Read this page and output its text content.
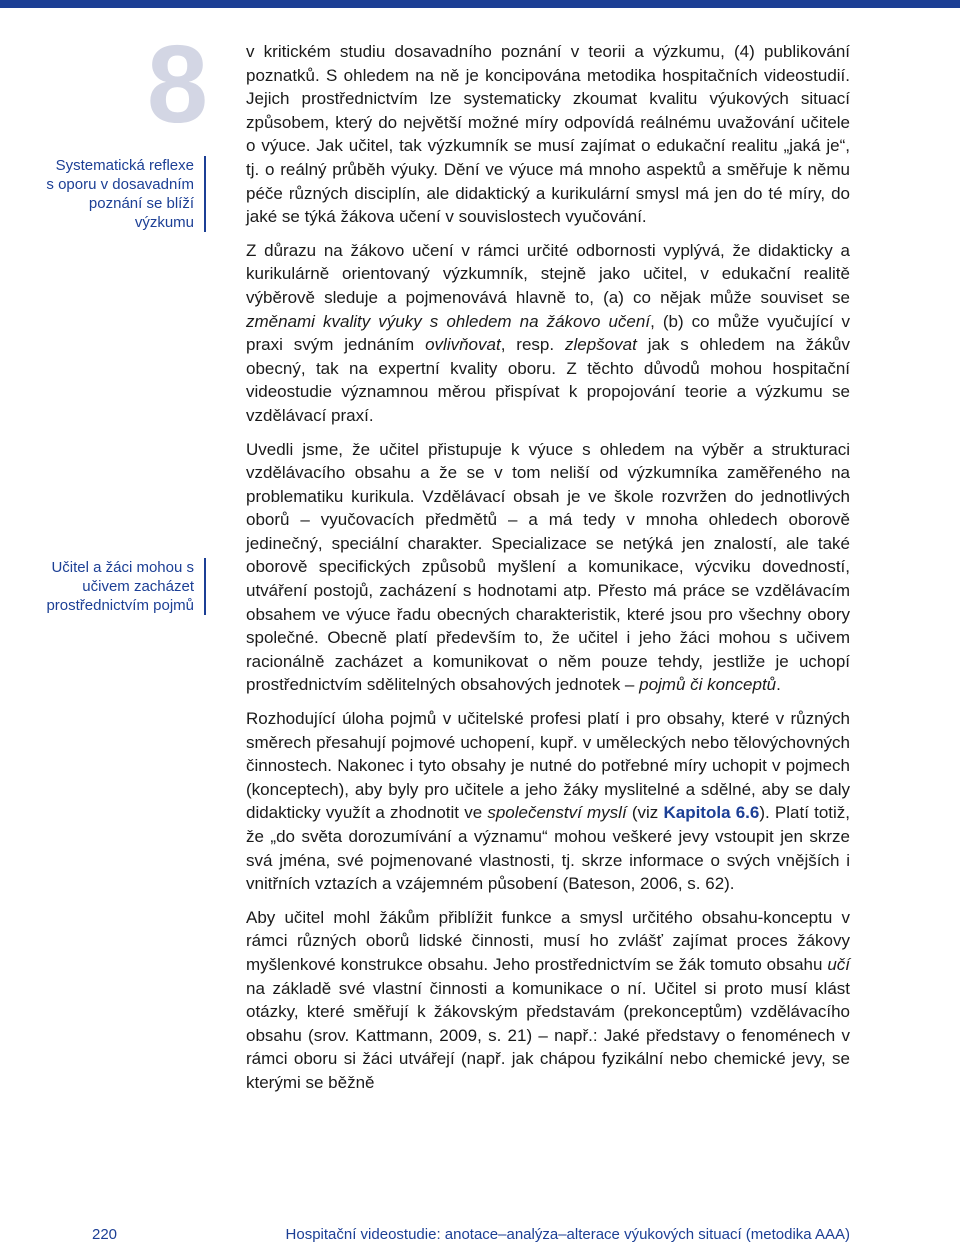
8
Systematická reflexe s oporu v dosavadním poznání se blíží výzkumu
Učitel a žáci mohou s učivem zacházet prostřednictvím pojmů

v kritickém studiu dosavadního poznání v teorii a výzkumu, (4) publikování poznatků. S ohledem na ně je koncipována metodika hospitačních videostudií. Jejich prostřednictvím lze systematicky zkoumat kvalitu výukových situací způsobem, který do největší možné míry odpovídá reálnému uvažování učitele o výuce. Jak učitel, tak výzkumník se musí zajímat o edukační realitu „jaká je“, tj. o reálný průběh výuky. Dění ve výuce má mnoho aspektů a směřuje k němu péče různých disciplín, ale didaktický a kurikulární smysl má jen do té míry, do jaké se týká žákova učení v souvislostech vyučování.

Z důrazu na žákovo učení v rámci určité odbornosti vyplývá, že didakticky a kurikulárně orientovaný výzkumník, stejně jako učitel, v edukační realitě výběrově sleduje a pojmenovává hlavně to, (a) co nějak může souviset se změnami kvality výuky s ohledem na žákovo učení, (b) co může vyučující v praxi svým jednáním ovlivňovat, resp. zlepšovat jak s ohledem na žákův obecný, tak na expertní kvality oboru. Z těchto důvodů mohou hospitační videostudie významnou měrou přispívat k propojování teorie a výzkumu se vzdělávací praxí.

Uvedli jsme, že učitel přistupuje k výuce s ohledem na výběr a strukturaci vzdělávacího obsahu a že se v tom neliší od výzkumníka zaměřeného na problematiku kurikula. Vzdělávací obsah je ve škole rozvržen do jednotlivých oborů – vyučovacích předmětů – a má tedy v mnoha ohledech oborově jedinečný, speciální charakter. Specializace se netýká jen znalostí, ale také oborově specifických způsobů myšlení a komunikace, výcviku dovedností, utváření postojů, zacházení s hodnotami atp. Přesto má práce se vzdělávacím obsahem ve výuce řadu obecných charakteristik, které jsou pro všechny obory společné. Obecně platí především to, že učitel i jeho žáci mohou s učivem racionálně zacházet a komunikovat o něm pouze tehdy, jestliže je uchopí prostřednictvím sdělitelných obsahových jednotek – pojmů či konceptů.

Rozhodující úloha pojmů v učitelské profesi platí i pro obsahy, které v různých směrech přesahují pojmové uchopení, kupř. v uměleckých nebo tělovýchovných činnostech. Nakonec i tyto obsahy je nutné do potřebné míry uchopit v pojmech (konceptech), aby byly pro učitele a jeho žáky myslitelné a sdělné, aby se daly didakticky využít a zhodnotit ve společenství myslí (viz Kapitola 6.6). Platí totiž, že „do světa dorozumívání a významu“ mohou veškeré jevy vstoupit jen skrze svá jména, své pojmenované vlastnosti, tj. skrze informace o svých vnějších i vnitřních vztazích a vzájemném působení (Bateson, 2006, s. 62).

Aby učitel mohl žákům přiblížit funkce a smysl určitého obsahu-konceptu v rámci různých oborů lidské činnosti, musí ho zvlášť zajímat proces žákovy myšlenkové konstrukce obsahu. Jeho prostřednictvím se žák tomuto obsahu učí na základě své vlastní činnosti a komunikace o ní. Učitel si proto musí klást otázky, které směřují k žákovským představám (prekonceptům) vzdělávacího obsahu (srov. Kattmann, 2009, s. 21) – např.: Jaké představy o fenoménech v rámci oboru si žáci utvářejí (např. jak chápou fyzikální nebo chemické jevy, se kterými se běžně

220	Hospitační videostudie: anotace–analýza–alterace výukových situací (metodika AAA)
